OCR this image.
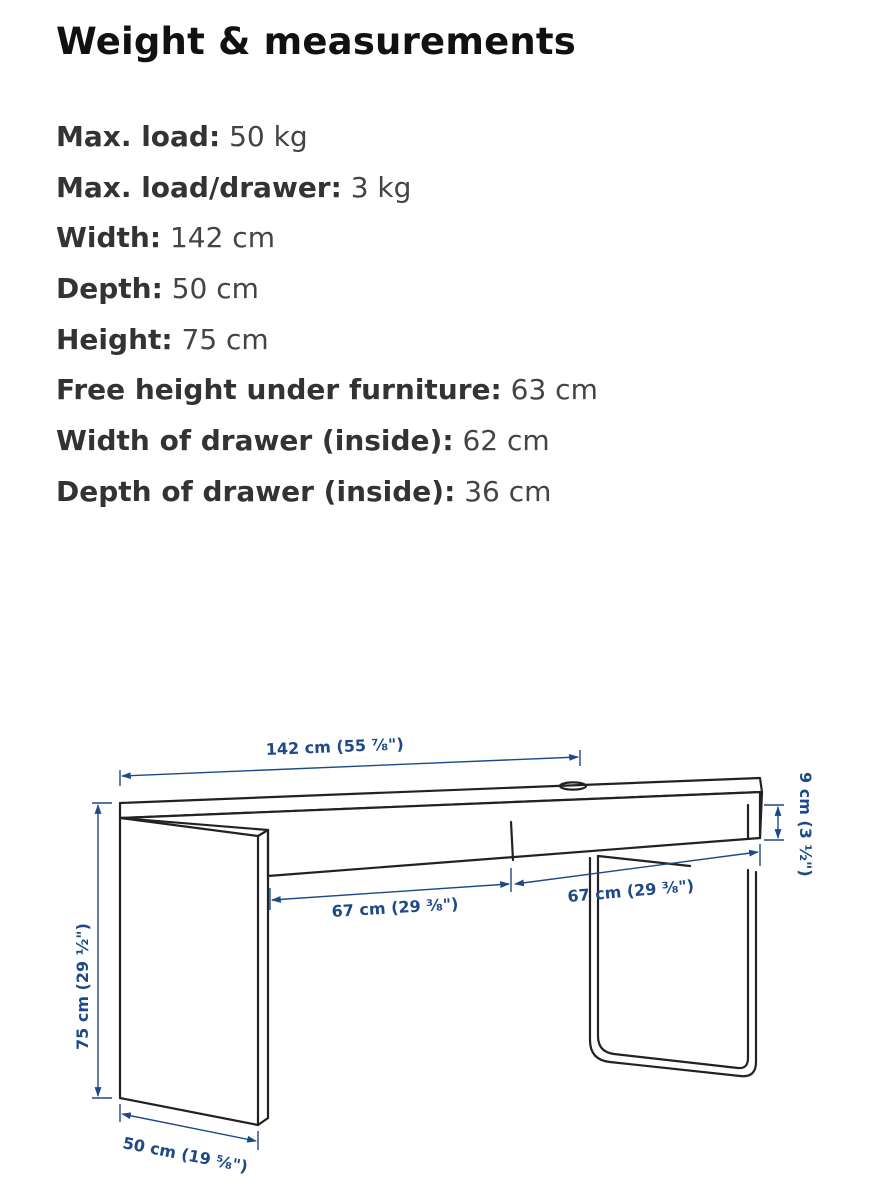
Weight & measurements
Max. load: 50 kg
Max. load/drawer: 3 kg
Width: 142 cm
Depth: 50 cm
Height: 75 cm
Free height under furniture: 63 cm
Width of drawer (inside): 62 cm
Depth of drawer (inside): 36 cm
142 cm (55 ⅞")
75 cm (29 ½")
50 cm (19 ⅝")
9 cm (3 ½")
67 cm (29 ⅜")
67 cm (29 ⅜")
